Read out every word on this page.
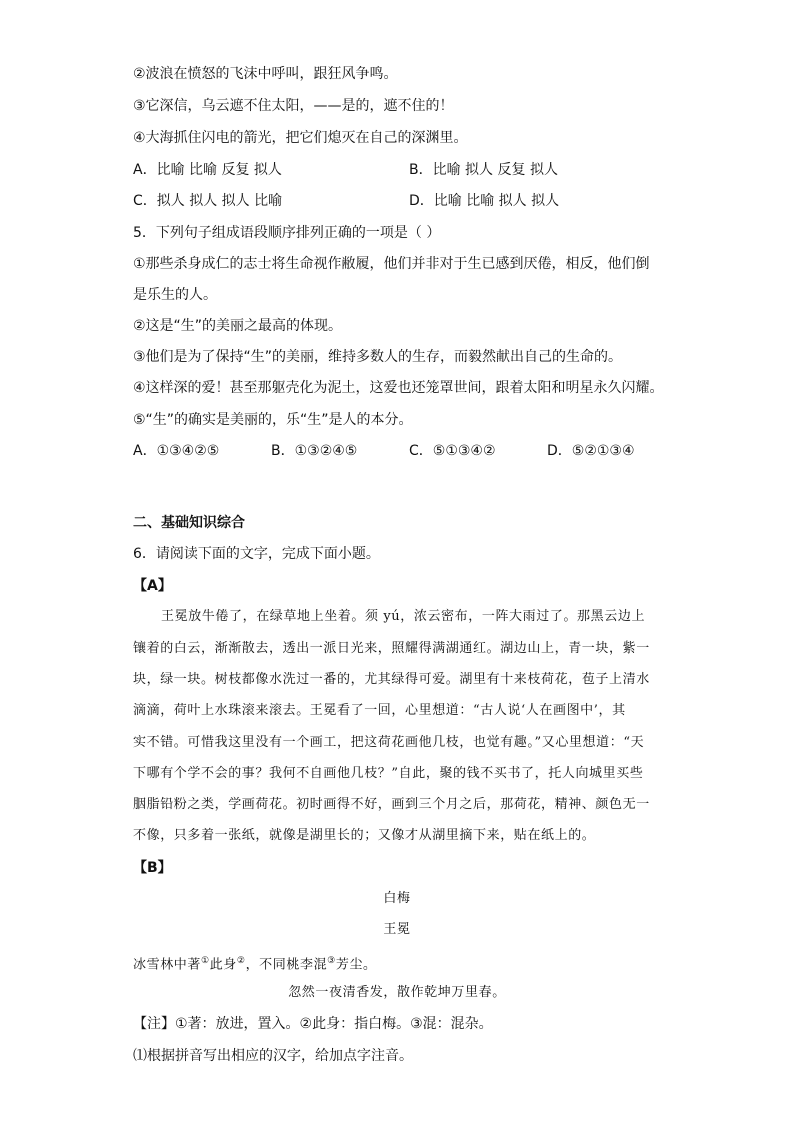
②波浪在愤怒的飞沫中呼叫，跟狂风争鸣。
③它深信，乌云遮不住太阳，——是的，遮不住的！
④大海抓住闪电的箭光，把它们熄灭在自己的深渊里。
A．比喻 比喻 反复 拟人	B．比喻 拟人 反复 拟人
C．拟人 拟人 拟人 比喻	D．比喻 比喻 拟人 拟人
5．下列句子组成语段顺序排列正确的一项是（ ）
①那些杀身成仁的志士将生命视作敝履，他们并非对于生已感到厌倦，相反，他们倒
是乐生的人。
②这是“生”的美丽之最高的体现。
③他们是为了保持“生”的美丽，维持多数人的生存，而毅然献出自己的生命的。
④这样深的爱！甚至那躯壳化为泥土，这爱也还笼罩世间，跟着太阳和明星永久闪耀。
⑤“生”的确实是美丽的，乐“生”是人的本分。
A．①③④②⑤	B．①③②④⑤	C．⑤①③④②	D．⑤②①③④
二、基础知识综合
6．请阅读下面的文字，完成下面小题。
【A】
王冕放牛倦了，在绿草地上坐着。须 yú，浓云密布，一阵大雨过了。那黑云边上
镶着的白云，渐渐散去，透出一派日光来，照耀得满湖通红。湖边山上，青一块，紫一
块，绿一块。树枝都像水洗过一番的，尤其绿得可爱。湖里有十来枝荷花，苞子上清水
滴滴，荷叶上水珠滚来滚去。王冕看了一回，心里想道：“古人说‘人在画图中’，其
实不错。可惜我这里没有一个画工，把这荷花画他几枝，也觉有趣。”又心里想道：“天
下哪有个学不会的事？我何不自画他几枝？”自此，聚的钱不买书了，托人向城里买些
胭脂铅粉之类，学画荷花。初时画得不好，画到三个月之后，那荷花，精神、颜色无一
不像，只多着一张纸，就像是湖里长的；又像才从湖里摘下来，贴在纸上的。
【B】
白梅
王冕
冰雪林中著①此身②，不同桃李混③芳尘。
忽然一夜清香发，散作乾坤万里春。
【注】①著：放进，置入。②此身：指白梅。③混：混杂。
⑴根据拼音写出相应的汉字，给加点字注音。
